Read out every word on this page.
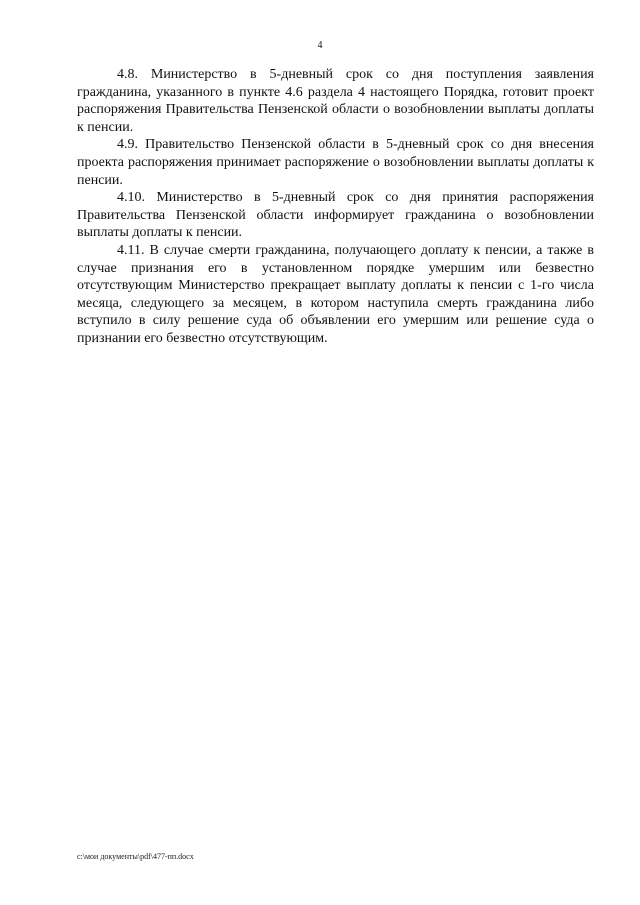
4

4.8. Министерство в 5-дневный срок со дня поступления заявления гражданина, указанного в пункте 4.6 раздела 4 настоящего Порядка, готовит проект распоряжения Правительства Пензенской области о возобновлении выплаты доплаты к пенсии.

4.9. Правительство Пензенской области в 5-дневный срок со дня внесения проекта распоряжения принимает распоряжение о возобновлении выплаты доплаты к пенсии.

4.10. Министерство в 5-дневный срок со дня принятия распоряжения Правительства Пензенской области информирует гражданина о возобновлении выплаты доплаты к пенсии.

4.11. В случае смерти гражданина, получающего доплату к пенсии, а также в случае признания его в установленном порядке умершим или безвестно отсутствующим Министерство прекращает выплату доплаты к пенсии с 1-го числа месяца, следующего за месяцем, в котором наступила смерть гражданина либо вступило в силу решение суда об объявлении его умершим или решение суда о признании его безвестно отсутствующим.

c:\мои документы\pdf\477-пп.docx
